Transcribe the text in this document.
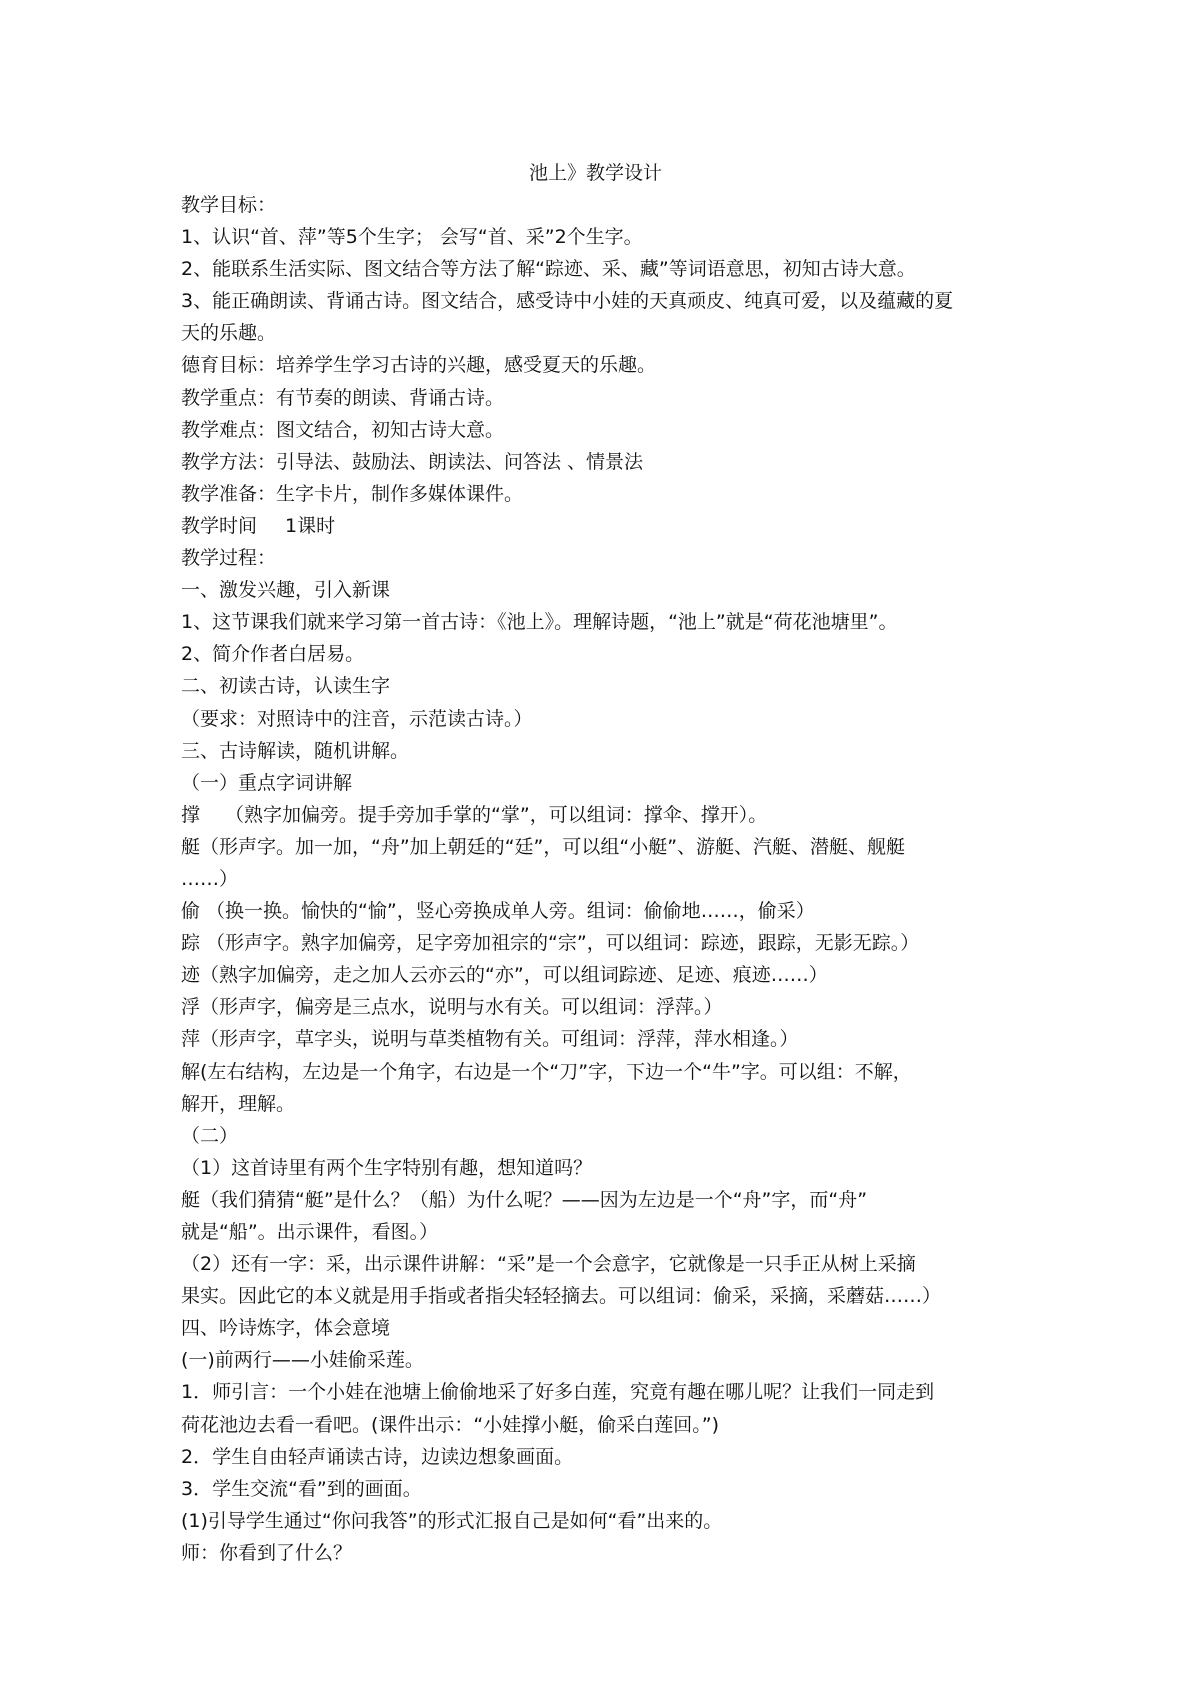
池上》教学设计
教学目标：
1、认识“首、萍”等5个生字； 会写“首、采”2个生字。
2、能联系生活实际、图文结合等方法了解“踪迹、采、藏”等词语意思，初知古诗大意。
3、能正确朗读、背诵古诗。图文结合，感受诗中小娃的天真顽皮、纯真可爱，以及蕴藏的夏
天的乐趣。
德育目标：培养学生学习古诗的兴趣，感受夏天的乐趣。
教学重点：有节奏的朗读、背诵古诗。
教学难点：图文结合，初知古诗大意。
教学方法：引导法、鼓励法、朗读法、问答法 、情景法
教学准备：生字卡片，制作多媒体课件。
教学时间 1课时
教学过程：
一、激发兴趣，引入新课
1、这节课我们就来学习第一首古诗：《池上》。理解诗题，“池上”就是“荷花池塘里”。
2、简介作者白居易。
二、初读古诗，认读生字
（要求：对照诗中的注音，示范读古诗。）
三、古诗解读，随机讲解。
（一）重点字词讲解
撑　 （熟字加偏旁。提手旁加手掌的“掌”，可以组词：撑伞、撑开）。
艇（形声字。加一加，“舟”加上朝廷的“廷”，可以组“小艇”、游艇、汽艇、潜艇、舰艇
……）
偷 （换一换。愉快的“愉”，竖心旁换成单人旁。组词：偷偷地……，偷采）
踪 （形声字。熟字加偏旁，足字旁加祖宗的“宗”，可以组词：踪迹，跟踪，无影无踪。）
迹（熟字加偏旁，走之加人云亦云的“亦”，可以组词踪迹、足迹、痕迹……）
浮（形声字，偏旁是三点水，说明与水有关。可以组词：浮萍。）
萍（形声字，草字头，说明与草类植物有关。可组词：浮萍，萍水相逢。）
解(左右结构，左边是一个角字，右边是一个“刀”字，下边一个“牛”字。可以组：不解，
解开，理解。
（二）
（1）这首诗里有两个生字特别有趣，想知道吗？
艇（我们猜猜“艇”是什么？（船）为什么呢？——因为左边是一个“舟”字，而“舟”
就是“船”。出示课件，看图。）
（2）还有一字：采，出示课件讲解：“采”是一个会意字，它就像是一只手正从树上采摘
果实。因此它的本义就是用手指或者指尖轻轻摘去。可以组词：偷采，采摘，采蘑菇……）
四、吟诗炼字，体会意境
(一)前两行——小娃偷采莲。
1．师引言：一个小娃在池塘上偷偷地采了好多白莲，究竟有趣在哪儿呢？让我们一同走到
荷花池边去看一看吧。(课件出示：“小娃撑小艇，偷采白莲回。”)
2．学生自由轻声诵读古诗，边读边想象画面。
3．学生交流“看”到的画面。
(1)引导学生通过“你问我答”的形式汇报自己是如何“看”出来的。
师：你看到了什么？
